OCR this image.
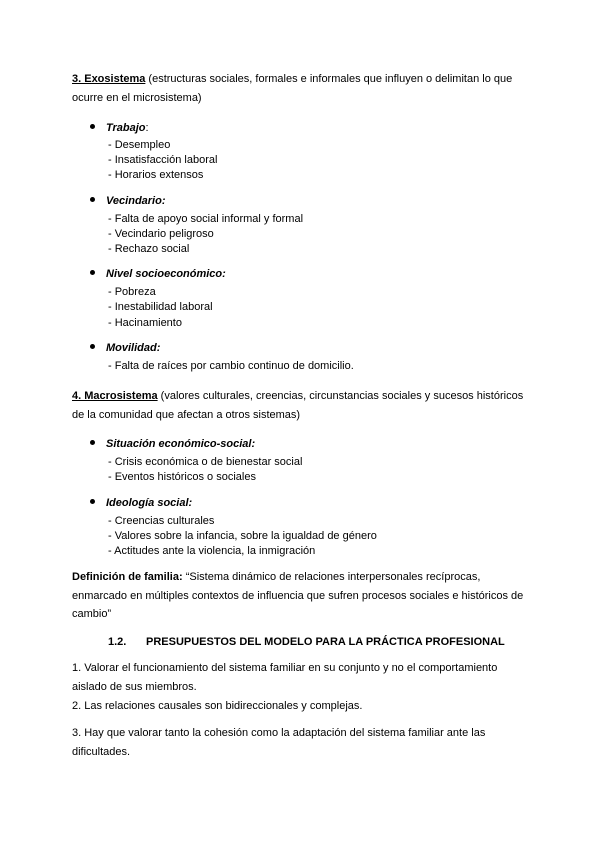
3. Exosistema (estructuras sociales, formales e informales que influyen o delimitan lo que
ocurre en el microsistema)

Trabajo:

- Desempleo

- Insatisfacción laboral

- Horarios extensos

Vecindario:

- Falta de apoyo social informal y formal

- Vecindario peligroso

- Rechazo social

Nivel socioeconómico:

- Pobreza

- Inestabilidad laboral

- Hacinamiento

Movilidad:

- Falta de raíces por cambio continuo de domicilio.

4. Macrosistema (valores culturales, creencias, circunstancias sociales y sucesos históricos
de la comunidad que afectan a otros sistemas)

Situación económico-social:

- Crisis económica o de bienestar social

- Eventos históricos o sociales

Ideología social:

- Creencias culturales

- Valores sobre la infancia, sobre la igualdad de género

- Actitudes ante la violencia, la inmigración

Definición de familia: “Sistema dinámico de relaciones interpersonales recíprocas,
enmarcado en múltiples contextos de influencia que sufren procesos sociales e históricos de
cambio”

1.2. PRESUPUESTOS DEL MODELO PARA LA PRÁCTICA PROFESIONAL

1. Valorar el funcionamiento del sistema familiar en su conjunto y no el comportamiento
aislado de sus miembros.

2. Las relaciones causales son bidireccionales y complejas.

3. Hay que valorar tanto la cohesión como la adaptación del sistema familiar ante las
dificultades.
